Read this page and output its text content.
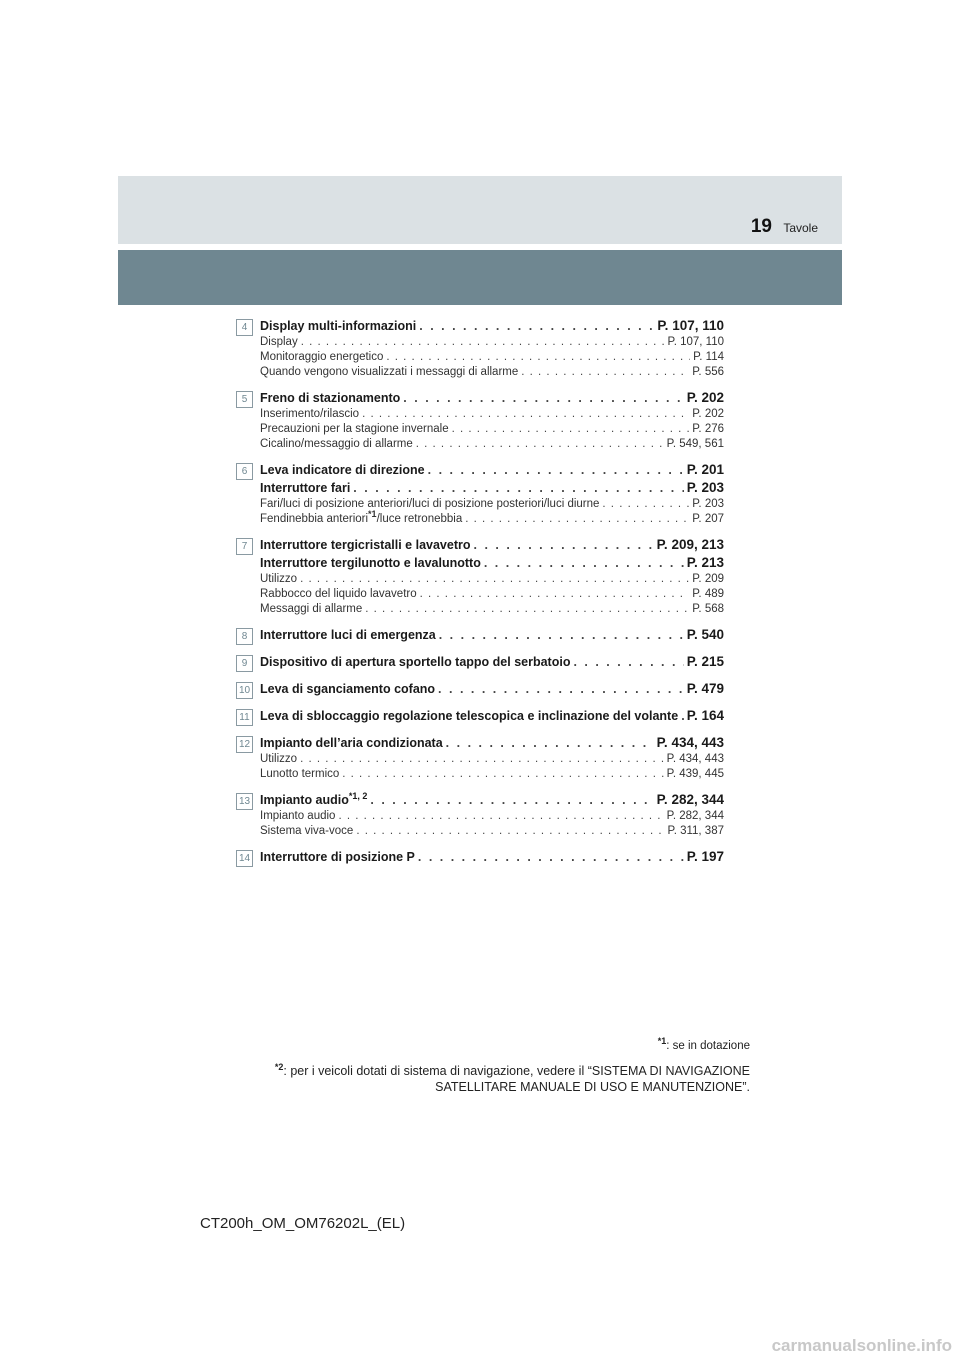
19 Tavole
4	Display multi-informazioni . . .	P. 107, 110
Display . . .	P. 107, 110
Monitoraggio energetico . . .	P. 114
Quando vengono visualizzati i messaggi di allarme . . .	P. 556
5	Freno di stazionamento . . .	P. 202
Inserimento/rilascio . . .	P. 202
Precauzioni per la stagione invernale . . .	P. 276
Cicalino/messaggio di allarme . . .	P. 549, 561
6	Leva indicatore di direzione . . .	P. 201
Interruttore fari . . .	P. 203
Fari/luci di posizione anteriori/luci di posizione posteriori/luci diurne . . .	P. 203
Fendinebbia anteriori$^{*1}$/luce retronebbia . . .	P. 207
7	Interruttore tergicristalli e lavavetro . . .	P. 209, 213
Interruttore tergilunotto e lavalunotto . . .	P. 213
Utilizzo . . .	P. 209
Rabbocco del liquido lavavetro . . .	P. 489
Messaggi di allarme . . .	P. 568
8	Interruttore luci di emergenza . . .	P. 540
9	Dispositivo di apertura sportello tappo del serbatoio . . .	P. 215
10 Leva di sganciamento cofano . . .	P. 479
11 Leva di sbloccaggio regolazione telescopica e inclinazione del volante . . . P. 164
12 Impianto dell’aria condizionata . . .	P. 434, 443
Utilizzo . . .	P. 434, 443
Lunotto termico . . .	P. 439, 445
13 Impianto audio$^{*1, 2}$ . . .	P. 282, 344
Impianto audio . . .	P. 282, 344
Sistema viva-voce . . .	P. 311, 387
14 Interruttore di posizione P . . .	P. 197
$^{*1}$: se in dotazione
$^{*2}$: per i veicoli dotati di sistema di navigazione, vedere il “SISTEMA DI NAVIGAZIONE SATELLITARE MANUALE DI USO E MANUTENZIONE”.
CT200h_OM_OM76202L_(EL)
carmanualsonline.info
